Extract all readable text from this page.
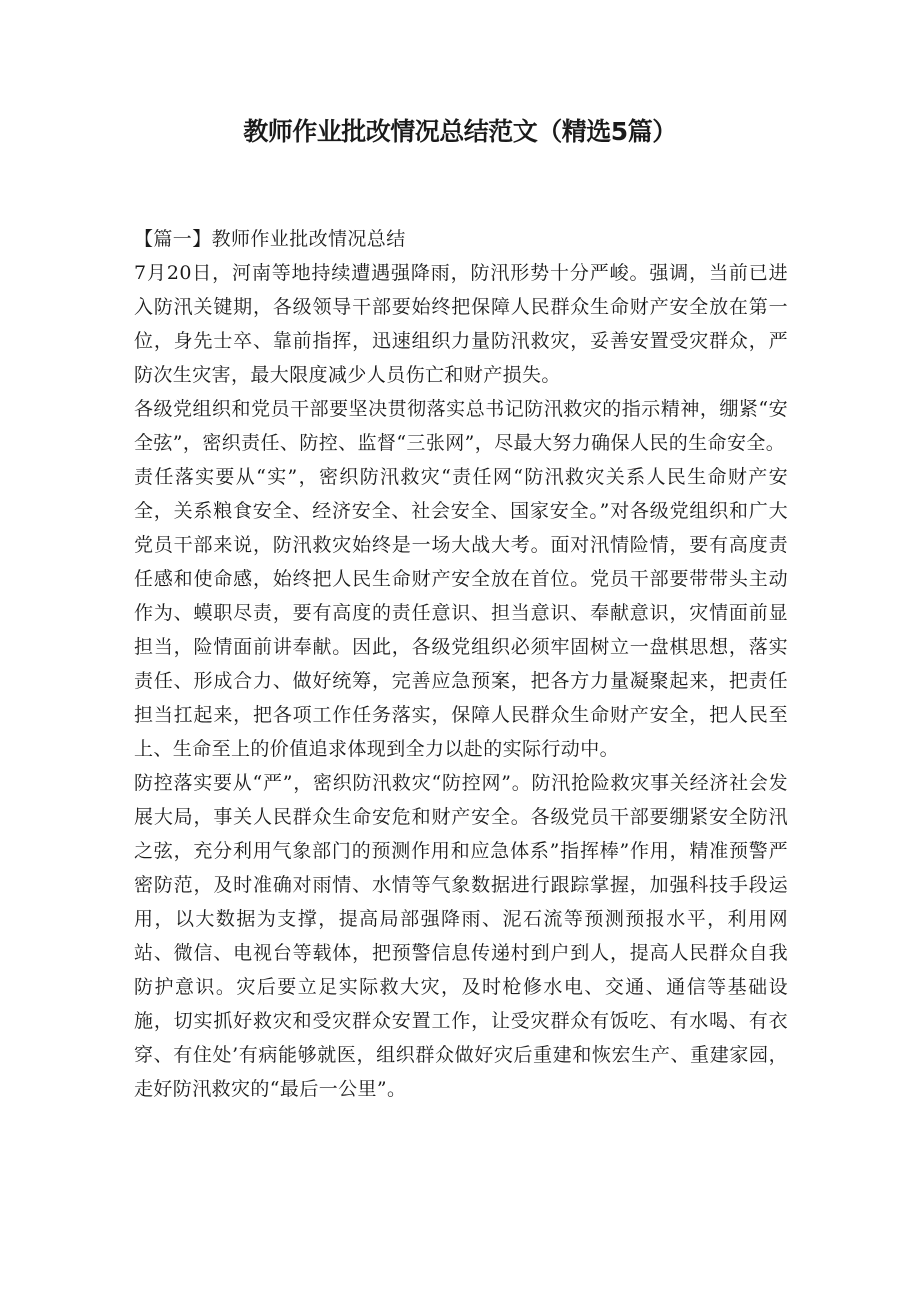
教师作业批改情况总结范文（精选5篇）

【篇一】教师作业批改情况总结

7月20日，河南等地持续遭遇强降雨，防汛形势十分严峻。强调，当前已进入防汛关键期，各级领导干部要始终把保障人民群众生命财产安全放在第一位，身先士卒、靠前指挥，迅速组织力量防汛救灾，妥善安置受灾群众，严防次生灾害，最大限度减少人员伤亡和财产损失。

各级党组织和党员干部要坚决贯彻落实总书记防汛救灾的指示精神，绷紧“安全弦”，密织责任、防控、监督“三张网”，尽最大努力确保人民的生命安全。

责任落实要从“实”，密织防汛救灾“责任网“防汛救灾关系人民生命财产安全，关系粮食安全、经济安全、社会安全、国家安全。”对各级党组织和广大党员干部来说，防汛救灾始终是一场大战大考。面对汛情险情，要有高度责任感和使命感，始终把人民生命财产安全放在首位。党员干部要带带头主动作为、蟆职尽责，要有高度的责任意识、担当意识、奉献意识，灾情面前显担当，险情面前讲奉献。因此，各级党组织必须牢固树立一盘棋思想，落实责任、形成合力、做好统筹，完善应急预案，把各方力量凝聚起来，把责任担当扛起来，把各项工作任务落实，保障人民群众生命财产安全，把人民至上、生命至上的价值追求体现到全力以赴的实际行动中。

防控落实要从“严”，密织防汛救灾“防控网”。防汛抢险救灾事关经济社会发展大局，事关人民群众生命安危和财产安全。各级党员干部要绷紧安全防汛之弦，充分利用气象部门的预测作用和应急体系”指挥棒”作用，精准预警严密防范，及时准确对雨情、水情等气象数据进行跟踪掌握，加强科技手段运用，以大数据为支撑，提高局部强降雨、泥石流等预测预报水平，利用网站、微信、电视台等载体，把预警信息传递村到户到人，提高人民群众自我防护意识。灾后要立足实际救大灾，及时枪修水电、交通、通信等基础设施，切实抓好救灾和受灾群众安置工作，让受灾群众有饭吃、有水喝、有衣穿、有住处’有病能够就医，组织群众做好灾后重建和恢宏生产、重建家园，走好防汛救灾的“最后一公里”。
